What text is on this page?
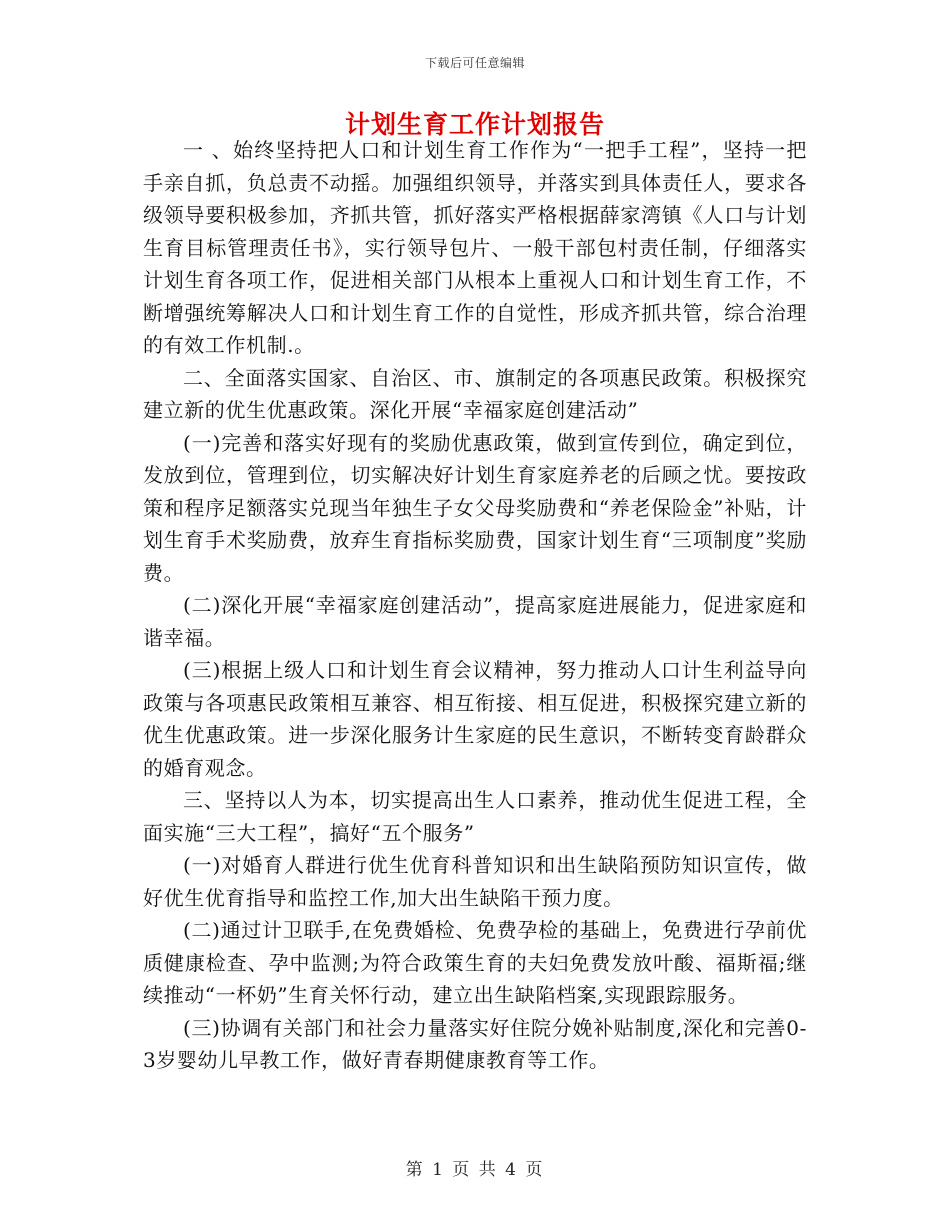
下载后可任意编辑
计划生育工作计划报告

一 、始终坚持把人口和计划生育工作作为“一把手工程”，坚持一把手亲自抓，负总责不动摇。加强组织领导，并落实到具体责任人，要求各级领导要积极参加，齐抓共管，抓好落实严格根据薛家湾镇《人口与计划生育目标管理责任书》，实行领导包片、一般干部包村责任制，仔细落实计划生育各项工作，促进相关部门从根本上重视人口和计划生育工作，不断增强统筹解决人口和计划生育工作的自觉性，形成齐抓共管，综合治理的有效工作机制.。

二、全面落实国家、自治区、市、旗制定的各项惠民政策。积极探究建立新的优生优惠政策。深化开展“幸福家庭创建活动”

(一)完善和落实好现有的奖励优惠政策，做到宣传到位，确定到位，发放到位，管理到位，切实解决好计划生育家庭养老的后顾之忧。要按政策和程序足额落实兑现当年独生子女父母奖励费和“养老保险金”补贴，计划生育手术奖励费，放弃生育指标奖励费，国家计划生育“三项制度”奖励费。

(二)深化开展“幸福家庭创建活动”，提高家庭进展能力，促进家庭和谐幸福。

(三)根据上级人口和计划生育会议精神，努力推动人口计生利益导向政策与各项惠民政策相互兼容、相互衔接、相互促进，积极探究建立新的优生优惠政策。进一步深化服务计生家庭的民生意识，不断转变育龄群众的婚育观念。

三、坚持以人为本，切实提高出生人口素养，推动优生促进工程，全面实施“三大工程”，搞好“五个服务”

(一)对婚育人群进行优生优育科普知识和出生缺陷预防知识宣传，做好优生优育指导和监控工作,加大出生缺陷干预力度。

(二)通过计卫联手,在免费婚检、免费孕检的基础上，免费进行孕前优质健康检查、孕中监测;为符合政策生育的夫妇免费发放叶酸、福斯福;继续推动“一杯奶”生育关怀行动，建立出生缺陷档案,实现跟踪服务。

(三)协调有关部门和社会力量落实好住院分娩补贴制度,深化和完善0-3岁婴幼儿早教工作，做好青春期健康教育等工作。

第 1 页 共 4 页
